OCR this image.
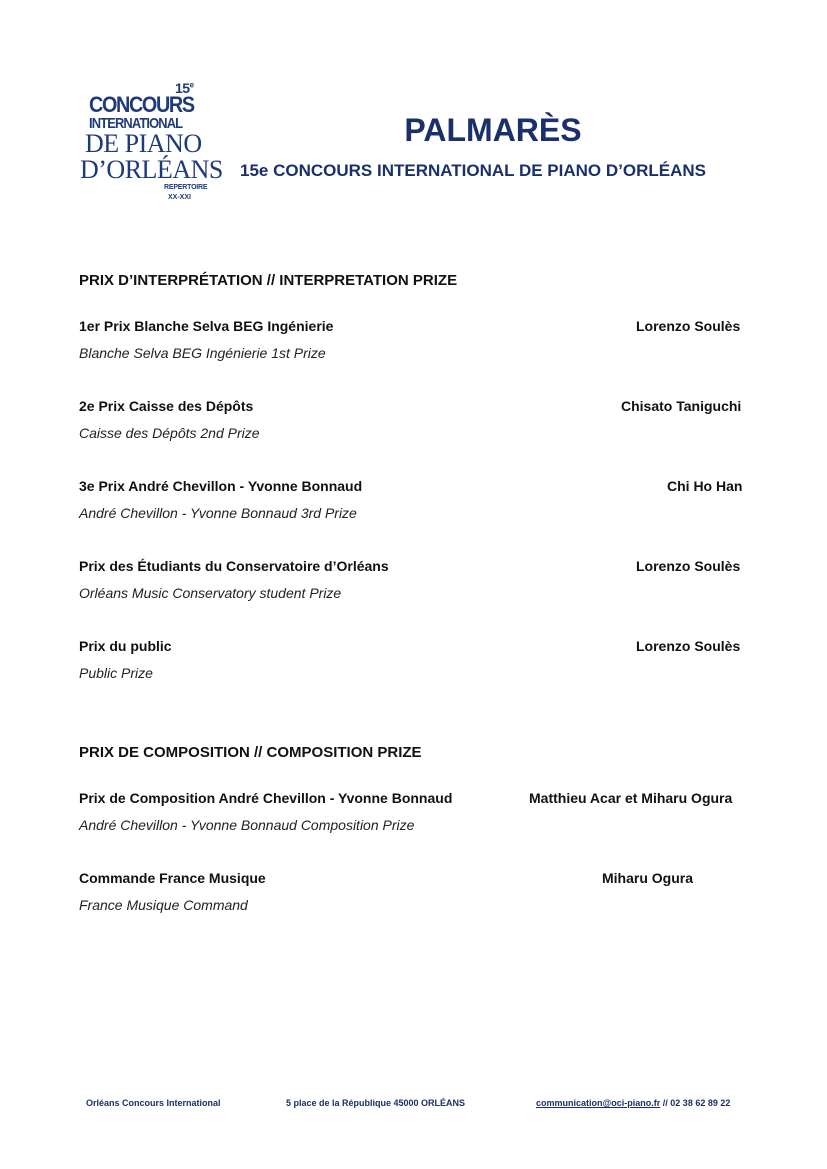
15e
CONCOURS
INTERNATIONAL
DE PIANO
D’ORLÉANS
REPERTOIRE
XX-XXI
PALMARÈS
15e CONCOURS INTERNATIONAL DE PIANO D’ORLÉANS
PRIX D’INTERPRÉTATION // INTERPRETATION PRIZE
1er Prix Blanche Selva BEG Ingénierie	Lorenzo Soulès
Blanche Selva BEG Ingénierie 1st Prize
2e Prix Caisse des Dépôts	Chisato Taniguchi
Caisse des Dépôts 2nd Prize
3e Prix André Chevillon - Yvonne Bonnaud	Chi Ho Han
André Chevillon - Yvonne Bonnaud 3rd Prize
Prix des Étudiants du Conservatoire d’Orléans	Lorenzo Soulès
Orléans Music Conservatory student Prize
Prix du public	Lorenzo Soulès
Public Prize
PRIX DE COMPOSITION // COMPOSITION PRIZE
Prix de Composition André Chevillon - Yvonne Bonnaud	Matthieu Acar et Miharu Ogura
André Chevillon - Yvonne Bonnaud Composition Prize
Commande France Musique	Miharu Ogura
France Musique Command
Orléans Concours International	5 place de la République 45000 ORLÉANS	communication@oci-piano.fr // 02 38 62 89 22
